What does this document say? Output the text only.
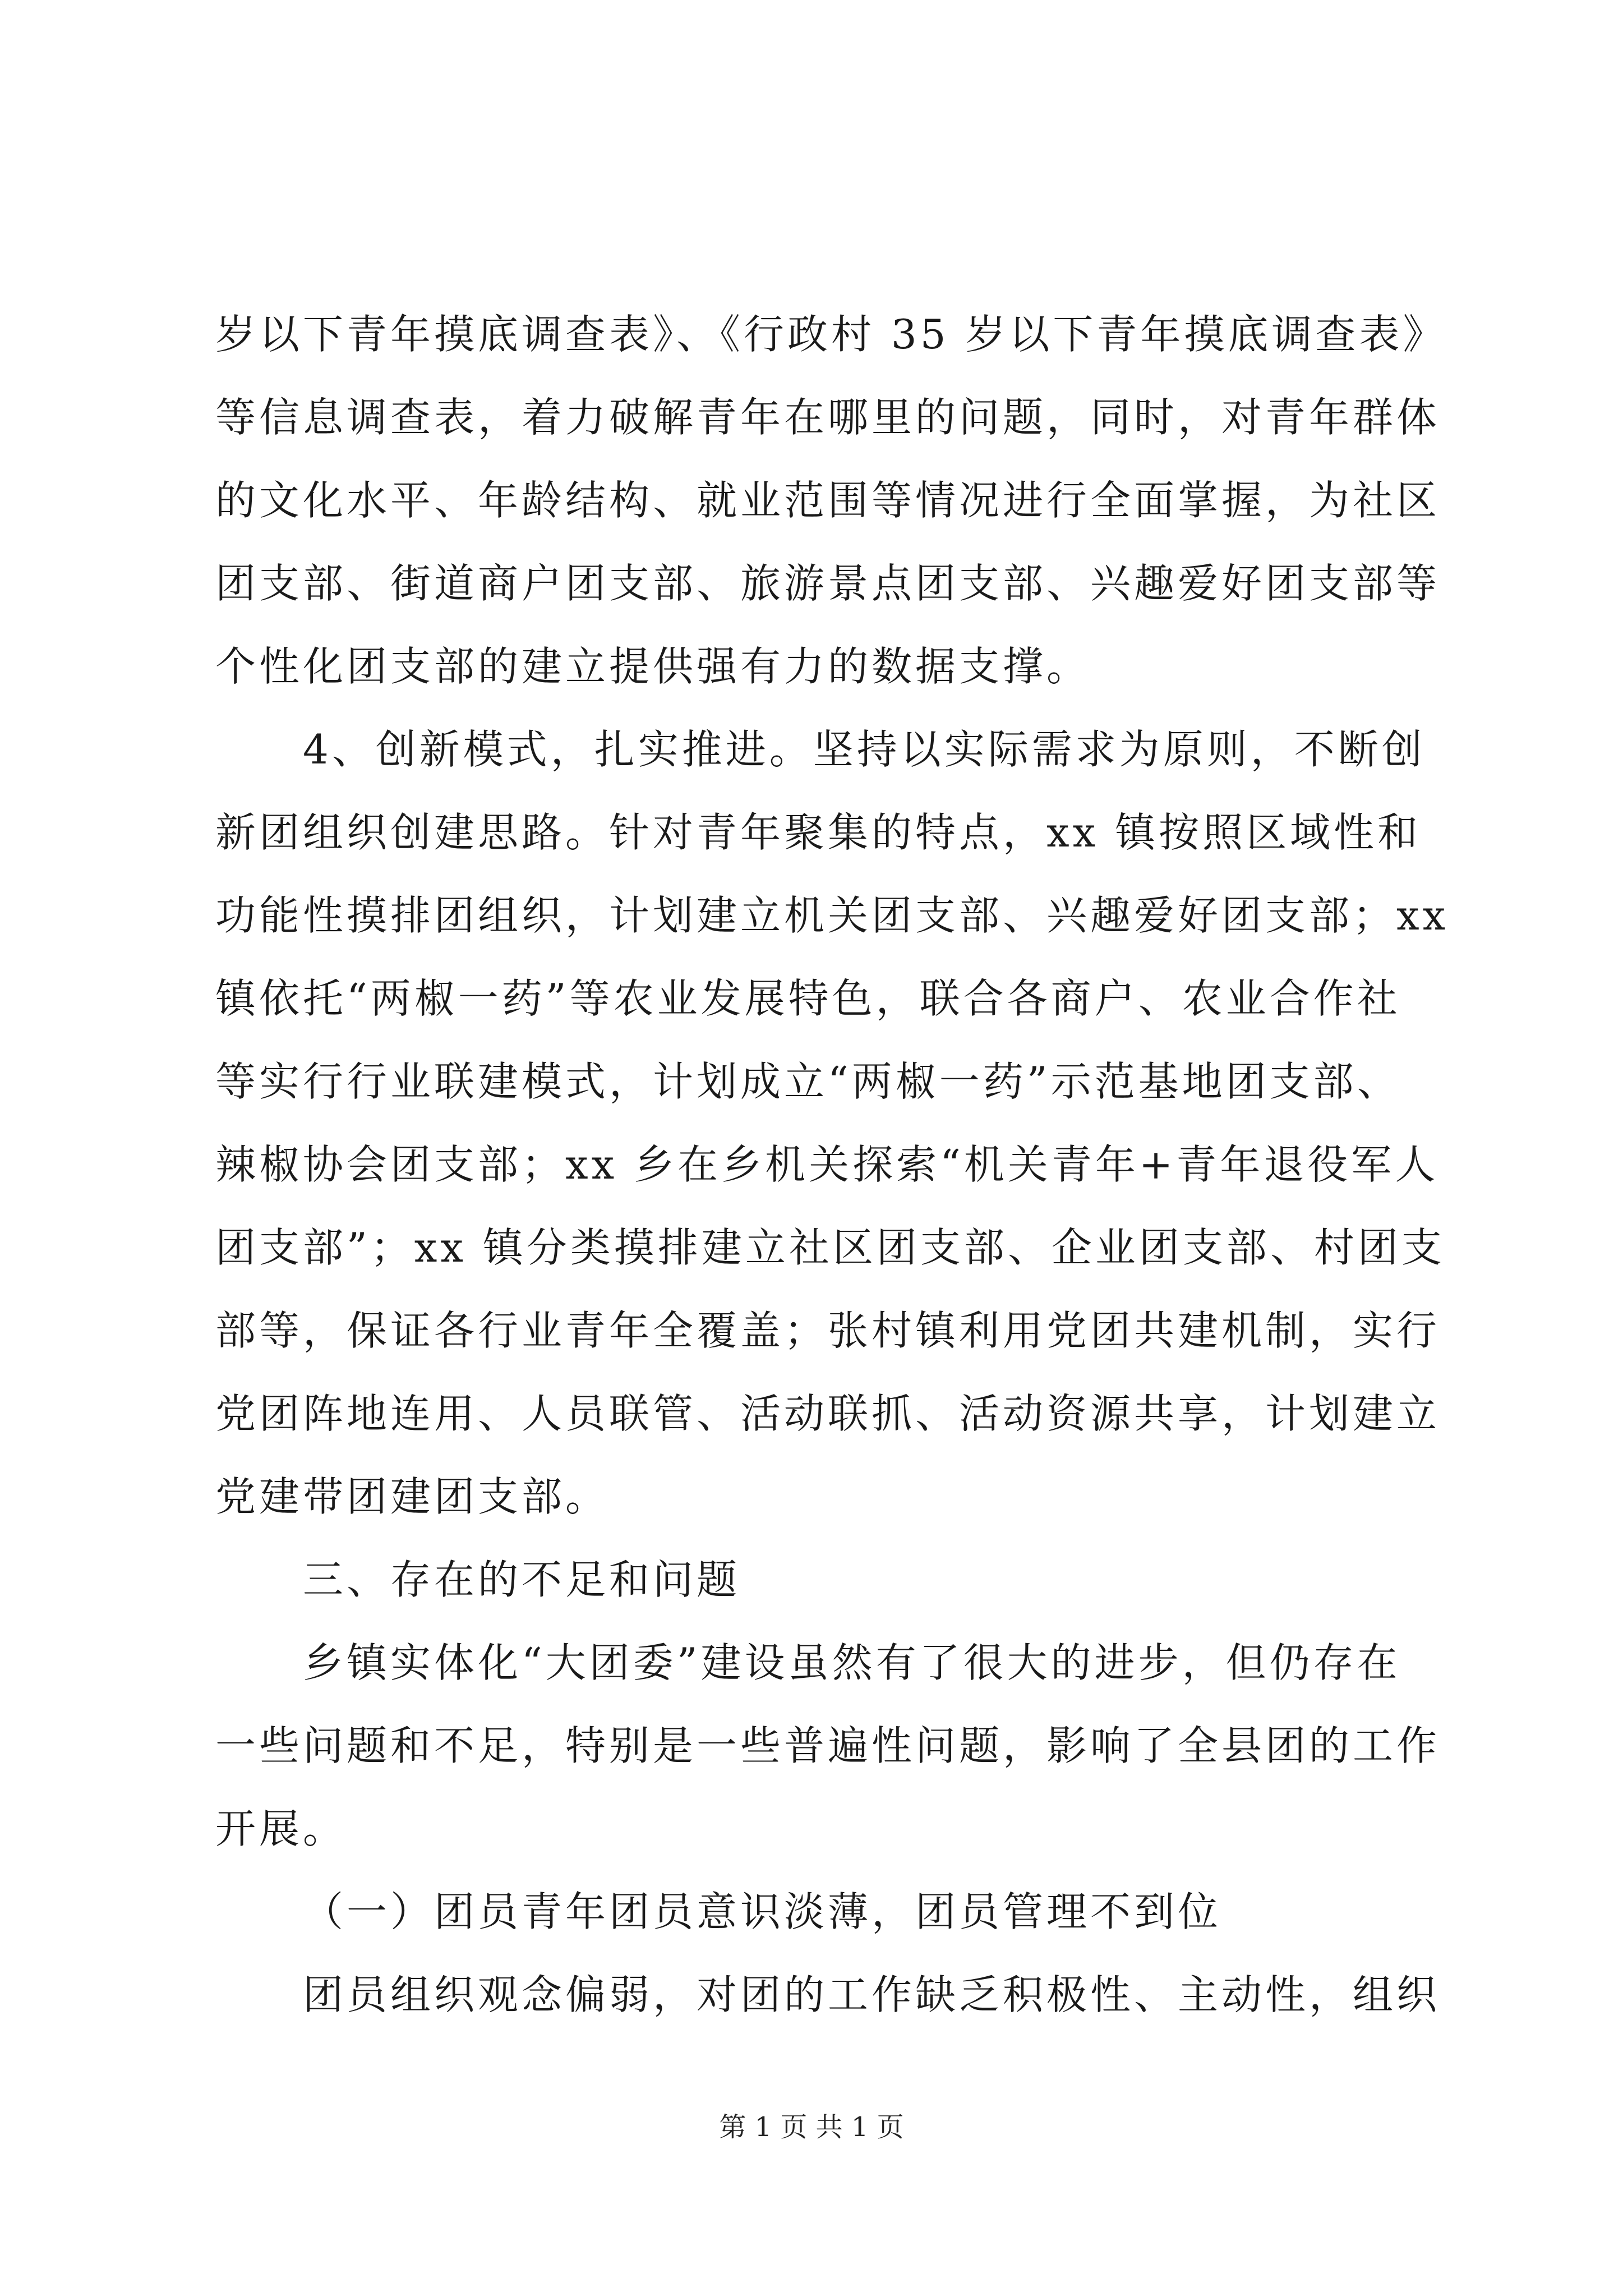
岁以下青年摸底调查表》、《行政村 35 岁以下青年摸底调查表》
等信息调查表，着力破解青年在哪里的问题，同时，对青年群体
的文化水平、年龄结构、就业范围等情况进行全面掌握，为社区
团支部、街道商户团支部、旅游景点团支部、兴趣爱好团支部等
个性化团支部的建立提供强有力的数据支撑。
4、创新模式，扎实推进。坚持以实际需求为原则，不断创
新团组织创建思路。针对青年聚集的特点，xx 镇按照区域性和
功能性摸排团组织，计划建立机关团支部、兴趣爱好团支部；xx
镇依托“两椒一药”等农业发展特色，联合各商户、农业合作社
等实行行业联建模式，计划成立“两椒一药”示范基地团支部、
辣椒协会团支部；xx 乡在乡机关探索“机关青年+青年退役军人
团支部”；xx 镇分类摸排建立社区团支部、企业团支部、村团支
部等，保证各行业青年全覆盖；张村镇利用党团共建机制，实行
党团阵地连用、人员联管、活动联抓、活动资源共享，计划建立
党建带团建团支部。
三、存在的不足和问题
乡镇实体化“大团委”建设虽然有了很大的进步，但仍存在
一些问题和不足，特别是一些普遍性问题，影响了全县团的工作
开展。
（一）团员青年团员意识淡薄，团员管理不到位
团员组织观念偏弱，对团的工作缺乏积极性、主动性，组织
第 1 页 共 1 页
